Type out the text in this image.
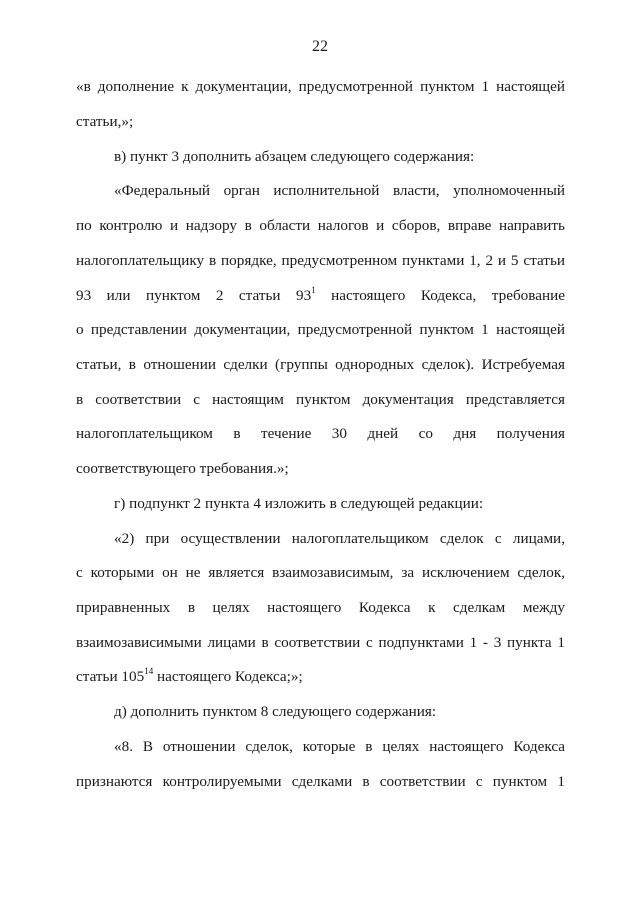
22
«в дополнение к документации, предусмотренной пунктом 1 настоящей
статьи,»;
в) пункт 3 дополнить абзацем следующего содержания:
«Федеральный орган исполнительной власти, уполномоченный
по контролю и надзору в области налогов и сборов, вправе направить
налогоплательщику в порядке, предусмотренном пунктами 1, 2 и 5 статьи
93 или пунктом 2 статьи $93^1$ настоящего Кодекса, требование
о представлении документации, предусмотренной пунктом 1 настоящей
статьи, в отношении сделки (группы однородных сделок). Истребуемая
в соответствии с настоящим пунктом документация представляется
налогоплательщиком в течение 30 дней со дня получения
соответствующего требования.»;
г) подпункт 2 пункта 4 изложить в следующей редакции:
«2) при осуществлении налогоплательщиком сделок с лицами,
с которыми он не является взаимозависимым, за исключением сделок,
приравненных в целях настоящего Кодекса к сделкам между
взаимозависимыми лицами в соответствии с подпунктами 1 - 3 пункта 1
статьи $105^{14}$ настоящего Кодекса;»;
д) дополнить пунктом 8 следующего содержания:
«8. В отношении сделок, которые в целях настоящего Кодекса
признаются контролируемыми сделками в соответствии с пунктом 1
